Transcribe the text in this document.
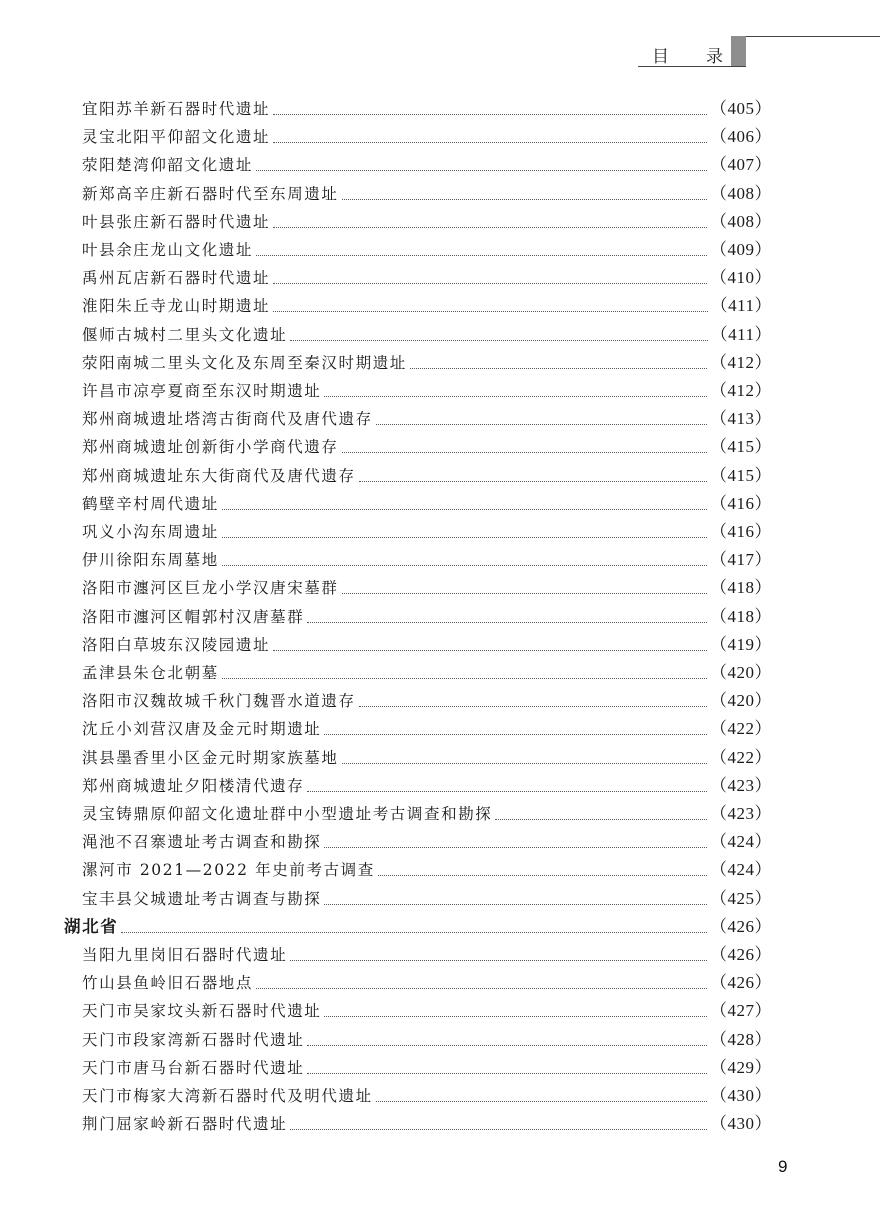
目 录
宜阳苏羊新石器时代遗址	（405）
灵宝北阳平仰韶文化遗址	（406）
荥阳楚湾仰韶文化遗址	（407）
新郑高辛庄新石器时代至东周遗址	（408）
叶县张庄新石器时代遗址	（408）
叶县余庄龙山文化遗址	（409）
禹州瓦店新石器时代遗址	（410）
淮阳朱丘寺龙山时期遗址	（411）
偃师古城村二里头文化遗址	（411）
荥阳南城二里头文化及东周至秦汉时期遗址	（412）
许昌市凉亭夏商至东汉时期遗址	（412）
郑州商城遗址塔湾古街商代及唐代遗存	（413）
郑州商城遗址创新街小学商代遗存	（415）
郑州商城遗址东大街商代及唐代遗存	（415）
鹤壁辛村周代遗址	（416）
巩义小沟东周遗址	（416）
伊川徐阳东周墓地	（417）
洛阳市瀍河区巨龙小学汉唐宋墓群	（418）
洛阳市瀍河区帽郭村汉唐墓群	（418）
洛阳白草坡东汉陵园遗址	（419）
孟津县朱仓北朝墓	（420）
洛阳市汉魏故城千秋门魏晋水道遗存	（420）
沈丘小刘营汉唐及金元时期遗址	（422）
淇县墨香里小区金元时期家族墓地	（422）
郑州商城遗址夕阳楼清代遗存	（423）
灵宝铸鼎原仰韶文化遗址群中小型遗址考古调查和勘探	（423）
渑池不召寨遗址考古调查和勘探	（424）
漯河市 2021—2022 年史前考古调查	（424）
宝丰县父城遗址考古调查与勘探	（425）
湖北省	（426）
当阳九里岗旧石器时代遗址	（426）
竹山县鱼岭旧石器地点	（426）
天门市吴家坟头新石器时代遗址	（427）
天门市段家湾新石器时代遗址	（428）
天门市唐马台新石器时代遗址	（429）
天门市梅家大湾新石器时代及明代遗址	（430）
荆门屈家岭新石器时代遗址	（430）
9
